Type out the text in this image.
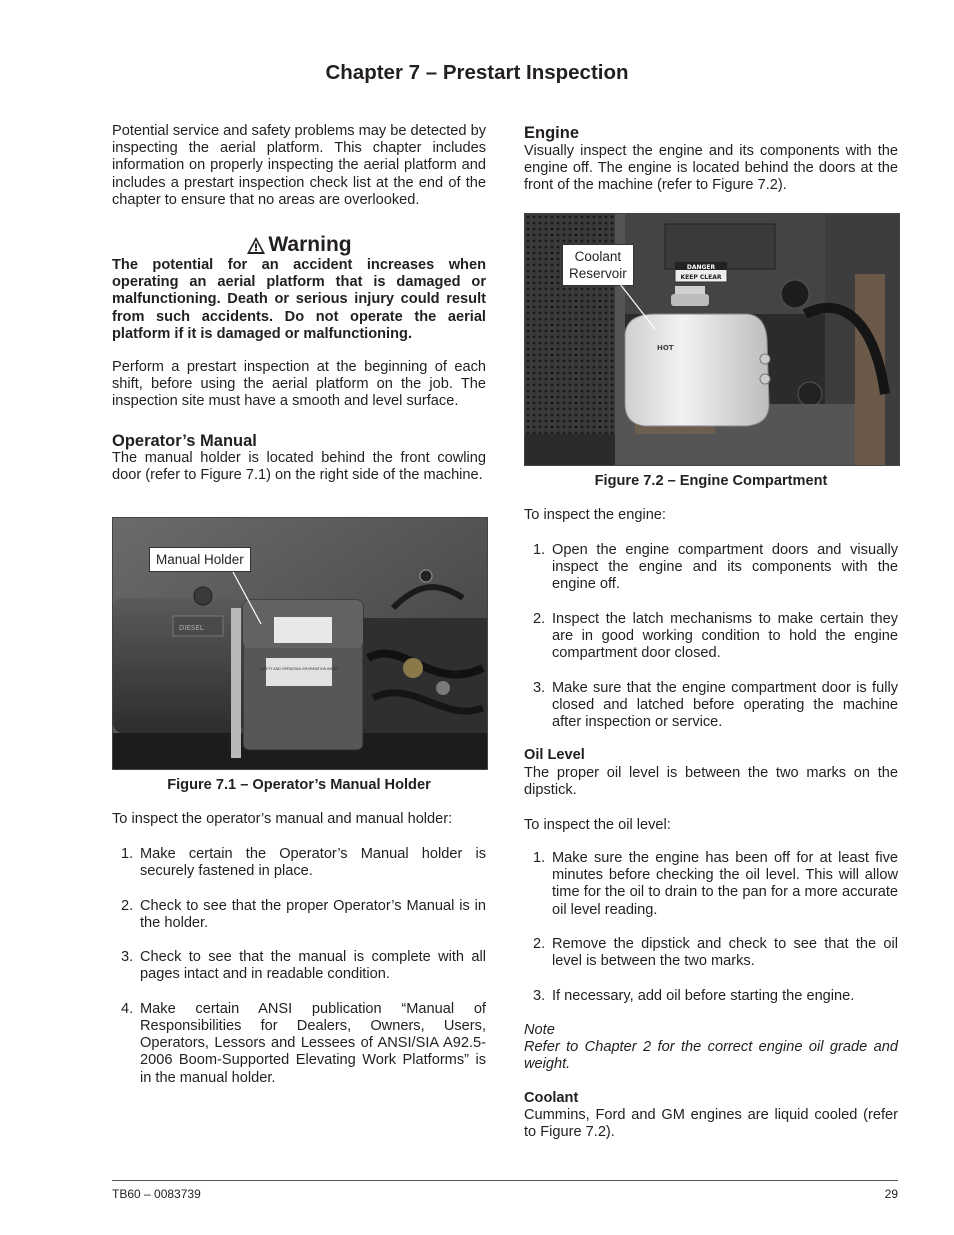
Chapter 7 – Prestart Inspection

Potential service and safety problems may be detected by inspecting the aerial platform. This chapter includes information on properly inspecting the aerial platform and includes a prestart inspection check list at the end of the chapter to ensure that no areas are overlooked.

Warning

The potential for an accident increases when operating an aerial platform that is damaged or malfunctioning. Death or serious injury could result from such accidents. Do not operate the aerial platform if it is damaged or malfunctioning.

Perform a prestart inspection at the beginning of each shift, before using the aerial platform on the job. The inspection site must have a smooth and level surface.

Operator’s Manual

The manual holder is located behind the front cowling door (refer to Figure 7.1) on the right side of the machine.

DIESEL
SAFETY AND OPERATING INFORMATION INSIDE
Manual Holder
Figure 7.1 – Operator’s Manual Holder

To inspect the operator’s manual and manual holder:

1. Make certain the Operator’s Manual holder is securely fastened in place.
2. Check to see that the proper Operator’s Manual is in the holder.
3. Check to see that the manual is complete with all pages intact and in readable condition.
4. Make certain ANSI publication “Manual of Responsibilities for Dealers, Owners, Users, Operators, Lessors and Lessees of ANSI/SIA A92.5-2006 Boom-Supported Elevating Work Platforms” is in the manual holder.
Engine

Visually inspect the engine and its components with the engine off. The engine is located behind the doors at the front of the machine (refer to Figure 7.2).

DANGER
KEEP CLEAR
HOT
Coolant
Reservoir
Figure 7.2 – Engine Compartment

To inspect the engine:

1. Open the engine compartment doors and visually inspect the engine and its components with the engine off.
2. Inspect the latch mechanisms to make certain they are in good working condition to hold the engine compartment door closed.
3. Make sure that the engine compartment door is fully closed and latched before operating the machine after inspection or service.
Oil Level

The proper oil level is between the two marks on the dipstick.

To inspect the oil level:

1. Make sure the engine has been off for at least five minutes before checking the oil level. This will allow time for the oil to drain to the pan for a more accurate oil level reading.
2. Remove the dipstick and check to see that the oil level is between the two marks.
3. If necessary, add oil before starting the engine.

Note

Refer to Chapter 2 for the correct engine oil grade and weight.

Coolant

Cummins, Ford and GM engines are liquid cooled (refer to Figure 7.2).

TB60 – 0083739	29
